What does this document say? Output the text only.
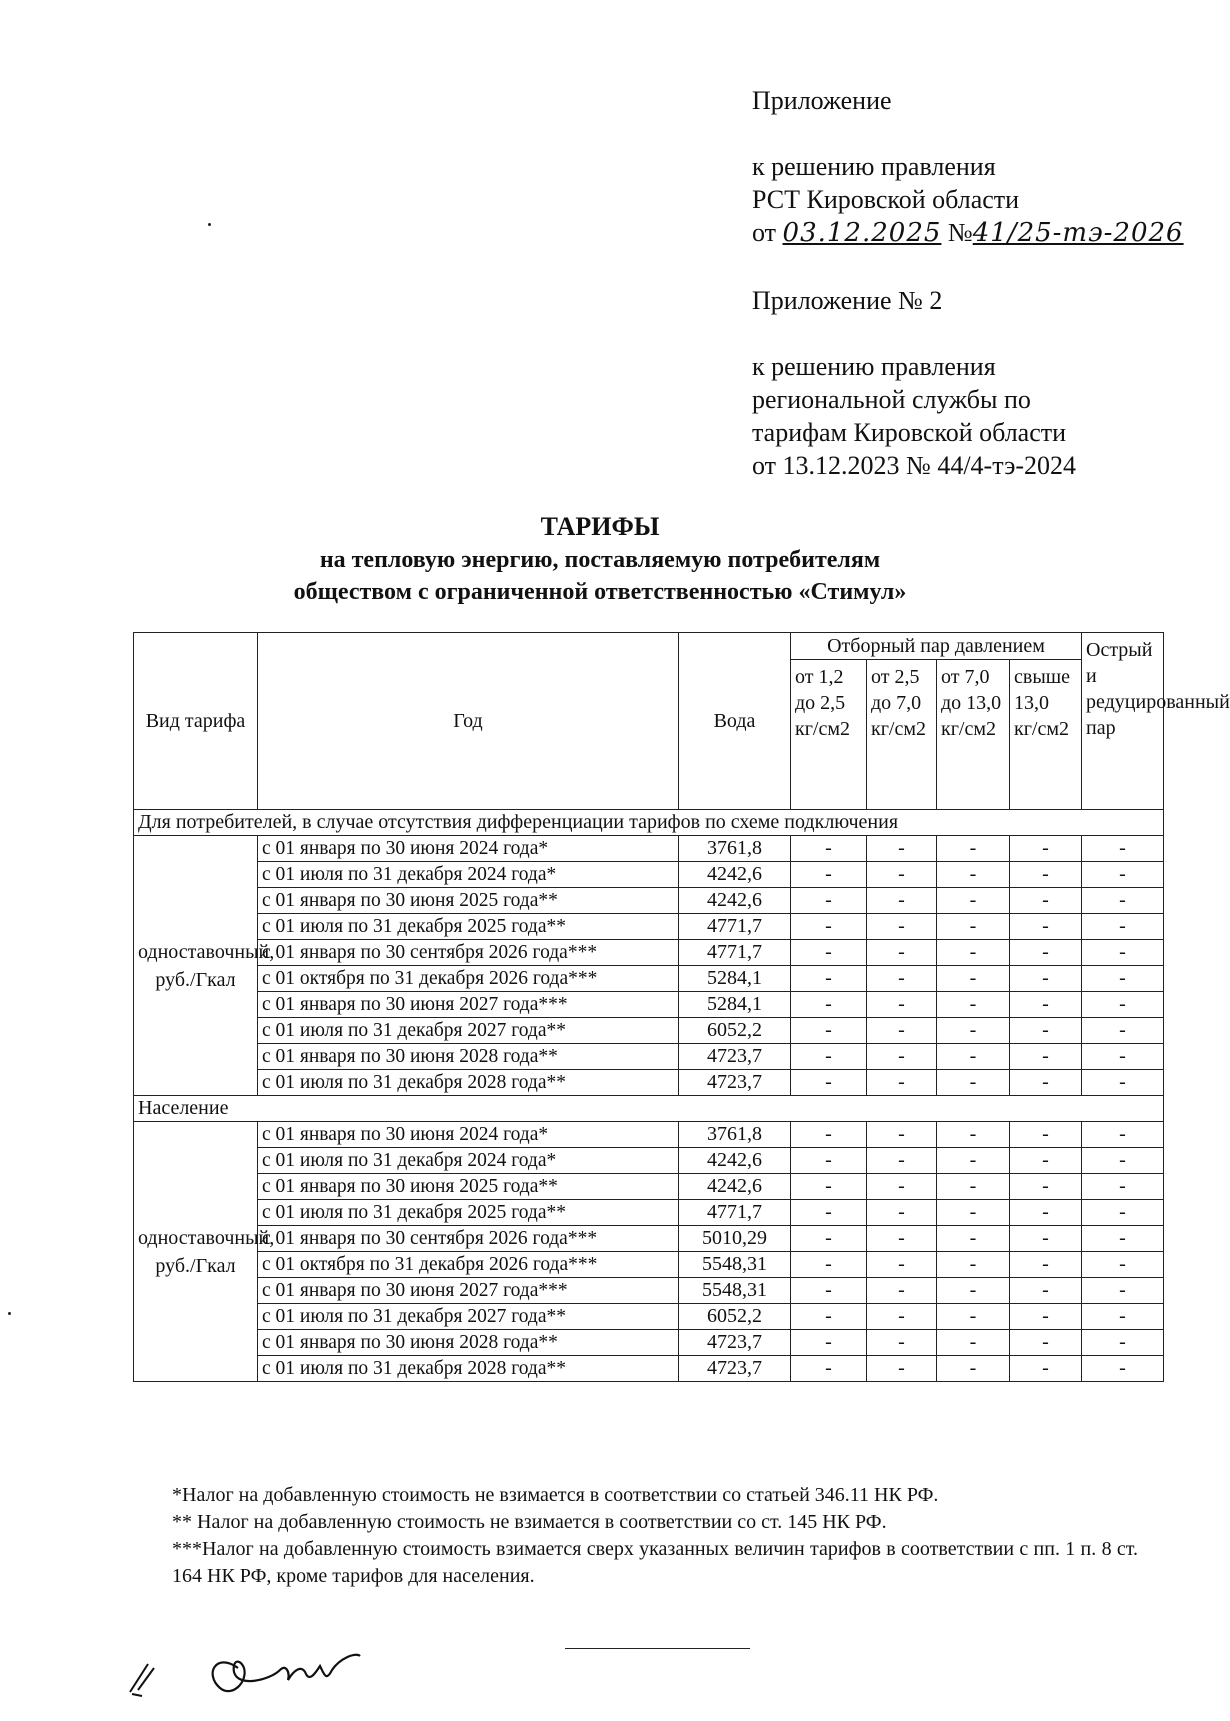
Приложение
к решению правления
РСТ Кировской области
от 03.12.2025 №41/25-тэ-2026
Приложение № 2
к решению правления
региональной службы по
тарифам Кировской области
от 13.12.2023 № 44/4-тэ-2024
ТАРИФЫ
на тепловую энергию, поставляемую потребителям
обществом с ограниченной ответственностью «Стимул»
Вид тарифа	Год	Вода	Отборный пар давлением				Острый и редуцированный пар
			от 1,2 до 2,5 кг/см2	от 2,5 до 7,0 кг/см2	от 7,0 до 13,0 кг/см2	свыше 13,0 кг/см2	
Для потребителей, в случае отсутствия дифференциации тарифов по схеме подключения							
одноставочный, руб./Гкал	с 01 января по 30 июня 2024 года*	3761,8	-	-	-	-	-
	с 01 июля по 31 декабря 2024 года*	4242,6	-	-	-	-	-
	с 01 января по 30 июня 2025 года**	4242,6	-	-	-	-	-
	с 01 июля по 31 декабря 2025 года**	4771,7	-	-	-	-	-
	с 01 января по 30 сентября 2026 года***	4771,7	-	-	-	-	-
	с 01 октября по 31 декабря 2026 года***	5284,1	-	-	-	-	-
	с 01 января по 30 июня 2027 года***	5284,1	-	-	-	-	-
	с 01 июля по 31 декабря 2027 года**	6052,2	-	-	-	-	-
	с 01 января по 30 июня 2028 года**	4723,7	-	-	-	-	-
	с 01 июля по 31 декабря 2028 года**	4723,7	-	-	-	-	-
Население							
одноставочный, руб./Гкал	с 01 января по 30 июня 2024 года*	3761,8	-	-	-	-	-
	с 01 июля по 31 декабря 2024 года*	4242,6	-	-	-	-	-
	с 01 января по 30 июня 2025 года**	4242,6	-	-	-	-	-
	с 01 июля по 31 декабря 2025 года**	4771,7	-	-	-	-	-
	с 01 января по 30 сентября 2026 года***	5010,29	-	-	-	-	-
	с 01 октября по 31 декабря 2026 года***	5548,31	-	-	-	-	-
	с 01 января по 30 июня 2027 года***	5548,31	-	-	-	-	-
	с 01 июля по 31 декабря 2027 года**	6052,2	-	-	-	-	-
	с 01 января по 30 июня 2028 года**	4723,7	-	-	-	-	-
	с 01 июля по 31 декабря 2028 года**	4723,7	-	-	-	-	-
*Налог на добавленную стоимость не взимается в соответствии со статьей 346.11 НК РФ.
** Налог на добавленную стоимость не взимается в соответствии со ст. 145 НК РФ.
***Налог на добавленную стоимость взимается сверх указанных величин тарифов в соответствии с пп. 1 п. 8 ст. 164 НК РФ, кроме тарифов для населения.
